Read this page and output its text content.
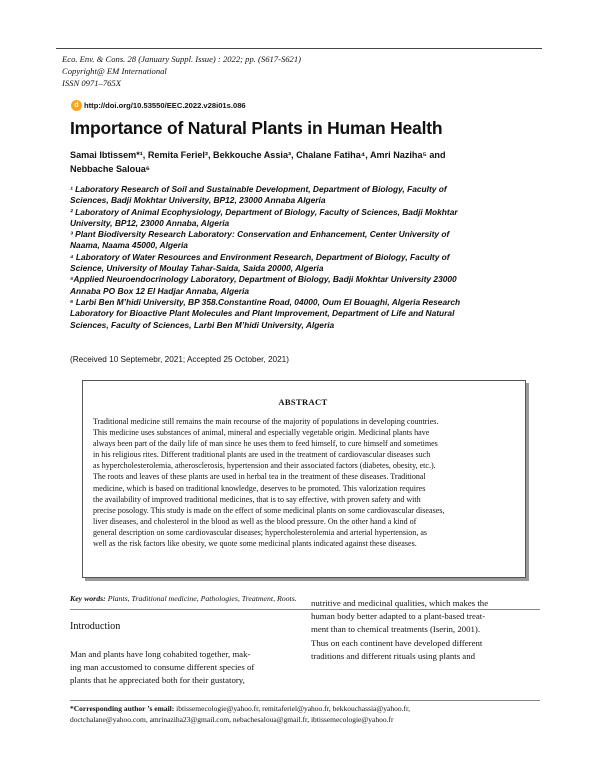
Eco. Env. & Cons. 28 (January Suppl. Issue) : 2022; pp. (S617-S621)
Copyright@ EM International
ISSN 0971–765X
d http://doi.org/10.53550/EEC.2022.v28i01s.086
Importance of Natural Plants in Human Health
Samai Ibtissem*¹, Remita Feriel², Bekkouche Assia³, Chalane Fatiha⁴, Amri Naziha⁵ and
Nebbache Saloua⁶
¹ Laboratory Research of Soil and Sustainable Development, Department of Biology, Faculty of
Sciences, Badji Mokhtar University, BP12, 23000 Annaba Algeria
² Laboratory of Animal Ecophysiology, Department of Biology, Faculty of Sciences, Badji Mokhtar
University, BP12, 23000 Annaba, Algeria
³ Plant Biodiversity Research Laboratory: Conservation and Enhancement, Center University of
Naama, Naama 45000, Algeria
⁴ Laboratory of Water Resources and Environment Research, Department of Biology, Faculty of
Science, University of Moulay Tahar-Saida, Saida 20000, Algeria
⁵Applied Neuroendocrinology Laboratory, Department of Biology, Badji Mokhtar University 23000
Annaba PO Box 12 El Hadjar Annaba, Algeria
⁶ Larbi Ben M’hidi University, BP 358.Constantine Road, 04000, Oum El Bouaghi, Algeria Research
Laboratory for Bioactive Plant Molecules and Plant Improvement, Department of Life and Natural
Sciences, Faculty of Sciences, Larbi Ben M’hidi University, Algeria
(Received 10 Septemebr, 2021; Accepted 25 October, 2021)
ABSTRACT
Traditional medicine still remains the main recourse of the majority of populations in developing countries.
This medicine uses substances of animal, mineral and especially vegetable origin. Medicinal plants have
always been part of the daily life of man since he uses them to feed himself, to cure himself and sometimes
in his religious rites. Different traditional plants are used in the treatment of cardiovascular diseases such
as hypercholesterolemia, atherosclerosis, hypertension and their associated factors (diabetes, obesity, etc.).
The roots and leaves of these plants are used in herbal tea in the treatment of these diseases. Traditional
medicine, which is based on traditional knowledge, deserves to be promoted. This valorization requires
the availability of improved traditional medicines, that is to say effective, with proven safety and with
precise posology. This study is made on the effect of some medicinal plants on some cardiovascular diseases,
liver diseases, and cholesterol in the blood as well as the blood pressure. On the other hand a kind of
general description on some cardiovascular diseases; hypercholesterolemia and arterial hypertension, as
well as the risk factors like obesity, we quote some medicinal plants indicated against these diseases.
Key words: Plants, Traditional medicine, Pathologies, Treatment, Roots.
Introduction
Man and plants have long cohabited together, mak-
ing man accustomed to consume different species of
plants that he appreciated both for their gustatory,
nutritive and medicinal qualities, which makes the
human body better adapted to a plant-based treat-
ment than to chemical treatments (Iserin, 2001).
Thus on each continent have developed different
traditions and different rituals using plants and
*Corresponding author ’s email: ibtissemecologie@yahoo.fr, remitaferiel@yahoo.fr, bekkouchassia@yahoo.fr,
doctchalane@yahoo.com, amrinaziha23@gmail.com, nebachesaloua@gmail.fr, ibtissemecologie@yahoo.fr
